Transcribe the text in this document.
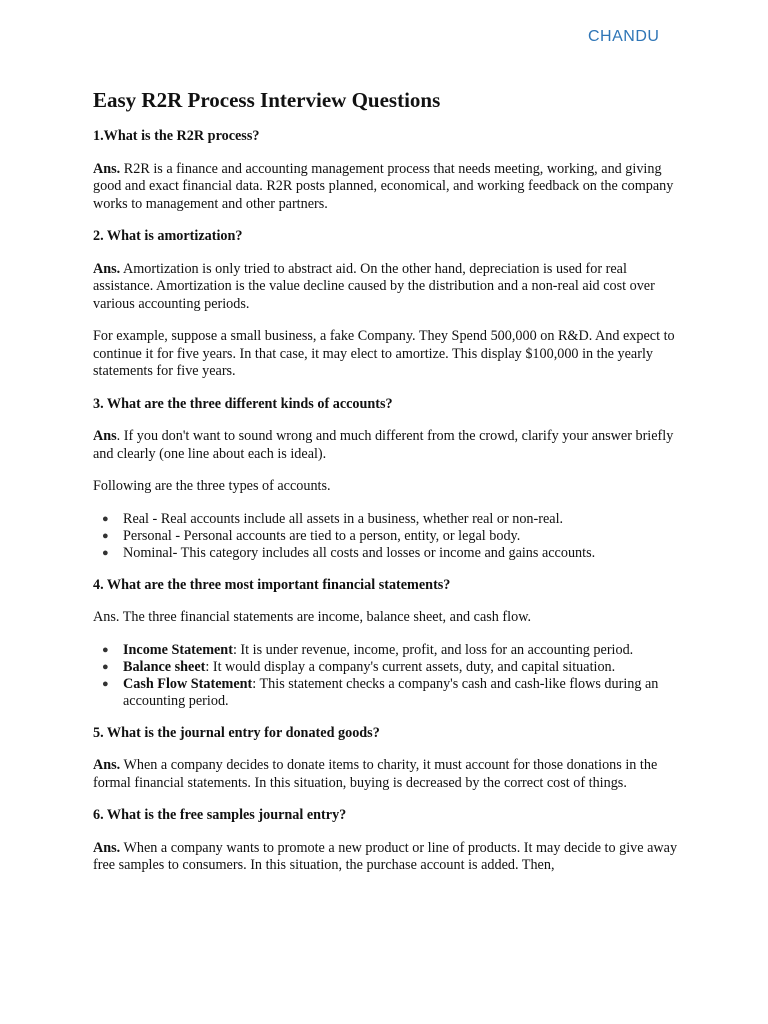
CHANDU
Easy R2R Process Interview Questions

1.What is the R2R process?

Ans. R2R is a finance and accounting management process that needs meeting, working, and giving good and exact financial data. R2R posts planned, economical, and working feedback on the company works to management and other partners.

2. What is amortization?

Ans. Amortization is only tried to abstract aid. On the other hand, depreciation is used for real assistance. Amortization is the value decline caused by the distribution and a non-real aid cost over various accounting periods.

For example, suppose a small business, a fake Company. They Spend 500,000 on R&D. And expect to continue it for five years. In that case, it may elect to amortize. This display $100,000 in the yearly statements for five years.

3. What are the three different kinds of accounts?

Ans. If you don't want to sound wrong and much different from the crowd, clarify your answer briefly and clearly (one line about each is ideal).

Following are the three types of accounts.

● Real - Real accounts include all assets in a business, whether real or non-real.
● Personal - Personal accounts are tied to a person, entity, or legal body.
● Nominal- This category includes all costs and losses or income and gains accounts.

4. What are the three most important financial statements?

Ans. The three financial statements are income, balance sheet, and cash flow.

● Income Statement: It is under revenue, income, profit, and loss for an accounting period.
● Balance sheet: It would display a company's current assets, duty, and capital situation.
● Cash Flow Statement: This statement checks a company's cash and cash-like flows during an accounting period.

5. What is the journal entry for donated goods?

Ans. When a company decides to donate items to charity, it must account for those donations in the formal financial statements. In this situation, buying is decreased by the correct cost of things.

6. What is the free samples journal entry?

Ans. When a company wants to promote a new product or line of products. It may decide to give away free samples to consumers. In this situation, the purchase account is added. Then,
